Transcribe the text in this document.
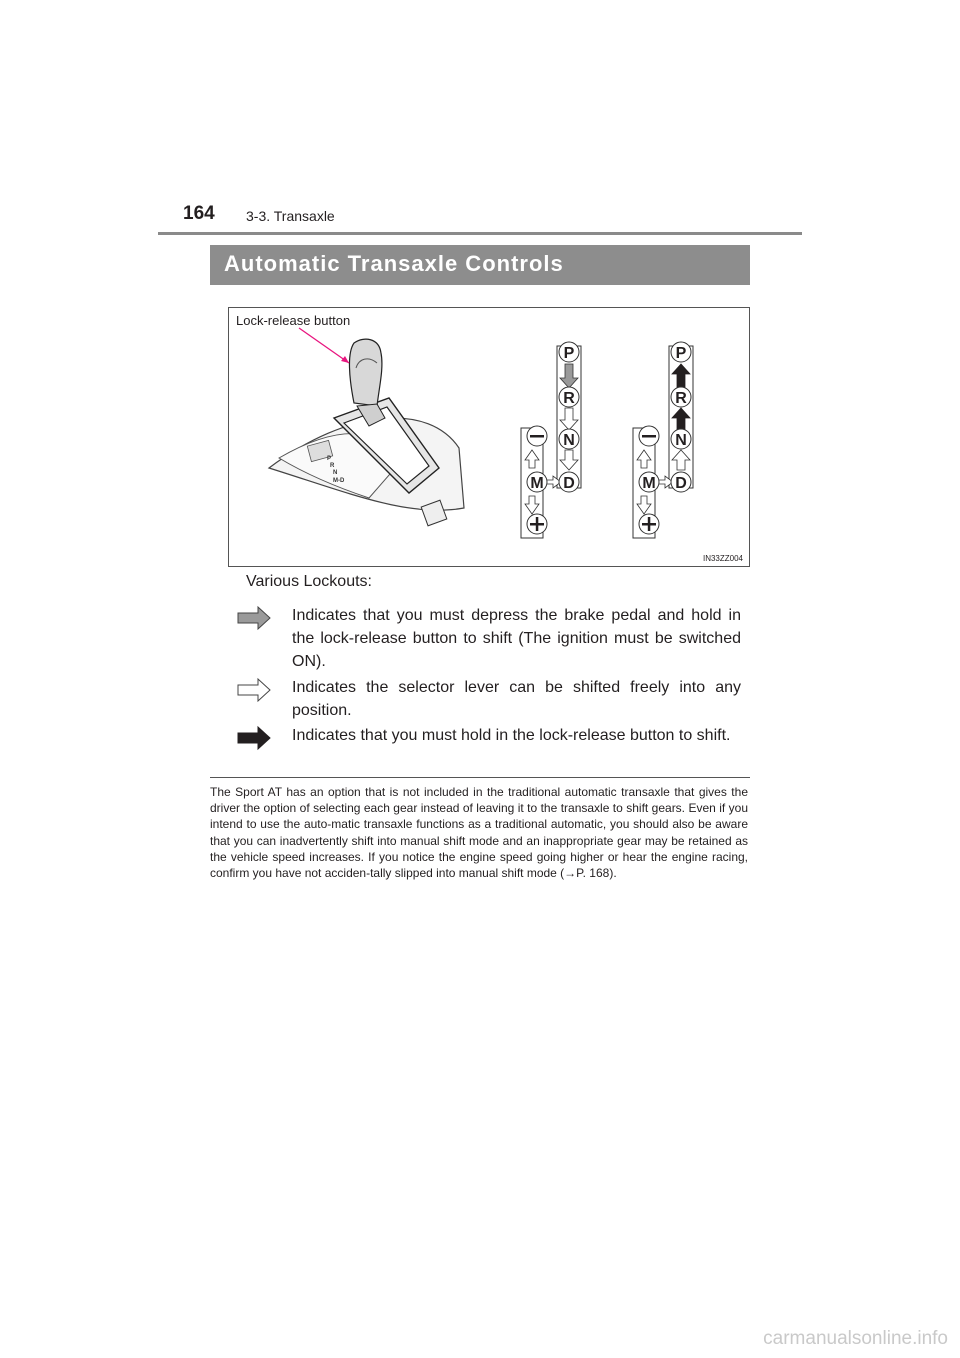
164 3-3. Transaxle
Automatic Transaxle Controls
P
R
N
M-D
P
R
N
D
M
P
R
N
D
M
Lock-release button
IN33ZZ004
Various Lockouts:
Indicates that you must depress the brake pedal and hold in the lock-release button to shift (The ignition must be switched ON).
Indicates the selector lever can be shifted freely into any position.
Indicates that you must hold in the lock-release button to shift.
The Sport AT has an option that is not included in the traditional automatic transaxle that gives the driver the option of selecting each gear instead of leaving it to the transaxle to shift gears. Even if you intend to use the auto-matic transaxle functions as a traditional automatic, you should also be aware that you can inadvertently shift into manual shift mode and an inappropriate gear may be retained as the vehicle speed increases. If you notice the engine speed going higher or hear the engine racing, confirm you have not acciden-tally slipped into manual shift mode (→P. 168).
carmanualsonline.info
